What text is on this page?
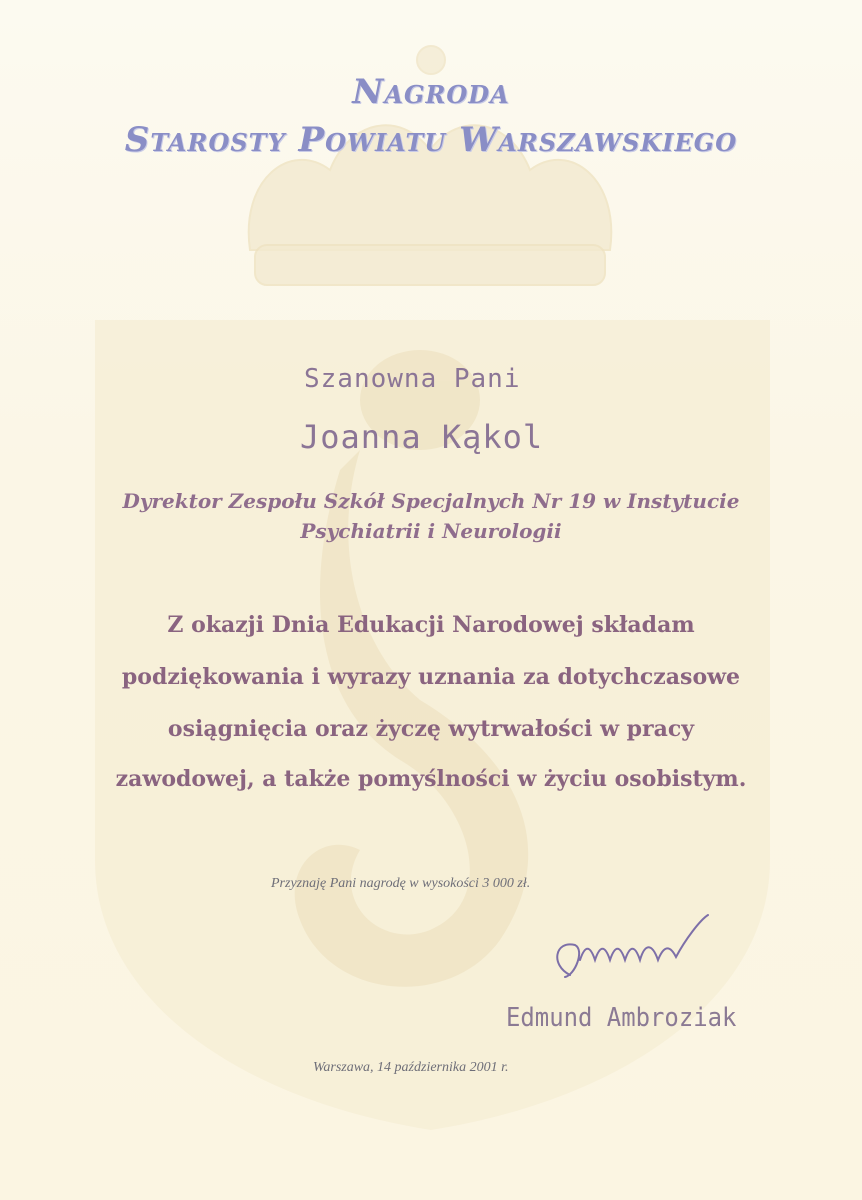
Nagroda
Starosty Powiatu Warszawskiego
Szanowna Pani
Joanna Kąkol
Dyrektor Zespołu Szkół Specjalnych Nr 19 w Instytucie
Psychiatrii i Neurologii
Z okazji Dnia Edukacji Narodowej składam
podziękowania i wyrazy uznania za dotychczasowe
osiągnięcia oraz życzę wytrwałości w pracy
zawodowej, a także pomyślności w życiu osobistym.
Przyznaję Pani nagrodę w wysokości 3 000 zł.
Edmund Ambroziak
Warszawa, 14 października 2001 r.
